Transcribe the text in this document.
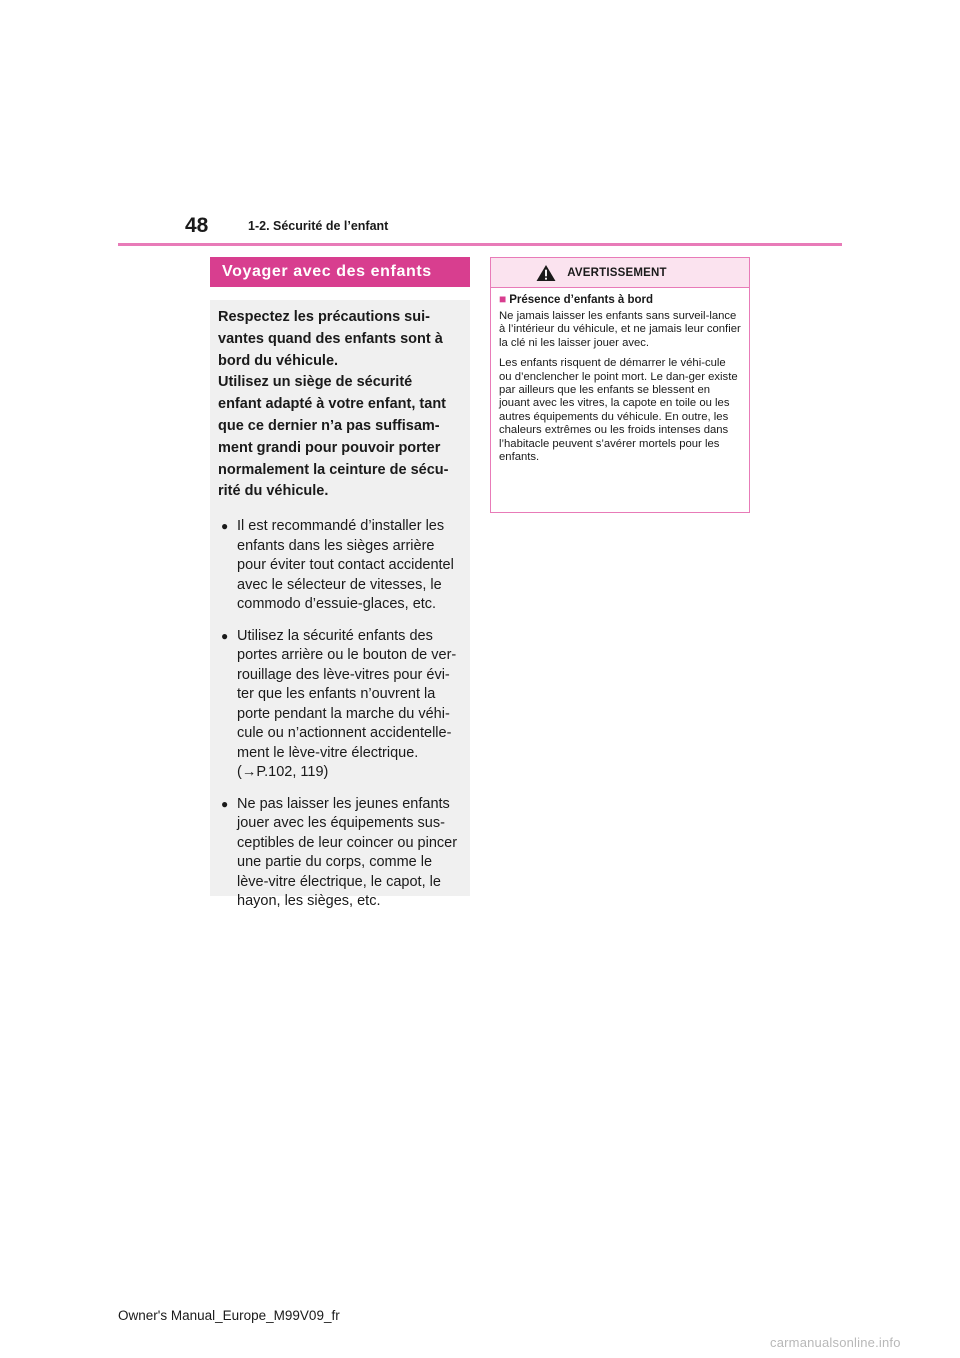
48	1-2. Sécurité de l’enfant
Voyager avec des enfants

Respectez les précautions sui-

vantes quand des enfants sont à

bord du véhicule.

Utilisez un siège de sécurité

enfant adapté à votre enfant, tant

que ce dernier n’a pas suffisam-

ment grandi pour pouvoir porter

normalement la ceinture de sécu-

rité du véhicule.

● Il est recommandé d’installer les enfants dans les sièges arrière pour éviter tout contact accidentel avec le sélecteur de vitesses, le commodo d’essuie-glaces, etc.
● Utilisez la sécurité enfants des portes arrière ou le bouton de ver-rouillage des lève-vitres pour évi-ter que les enfants n’ouvrent la porte pendant la marche du véhi-cule ou n’actionnent accidentelle-ment le lève-vitre électrique. (→P.102, 119)
● Ne pas laisser les jeunes enfants jouer avec les équipements sus-ceptibles de leur coincer ou pincer une partie du corps, comme le lève-vitre électrique, le capot, le hayon, les sièges, etc.
AVERTISSEMENT
■ Présence d’enfants à bord

Ne jamais laisser les enfants sans surveil-lance à l’intérieur du véhicule, et ne jamais leur confier la clé ni les laisser jouer avec.

Les enfants risquent de démarrer le véhi-cule ou d’enclencher le point mort. Le dan-ger existe par ailleurs que les enfants se blessent en jouant avec les vitres, la capote en toile ou les autres équipements du véhicule. En outre, les chaleurs extrêmes ou les froids intenses dans l’habitacle peuvent s’avérer mortels pour les enfants.

Owner's Manual_Europe_M99V09_fr
carmanualsonline.info
